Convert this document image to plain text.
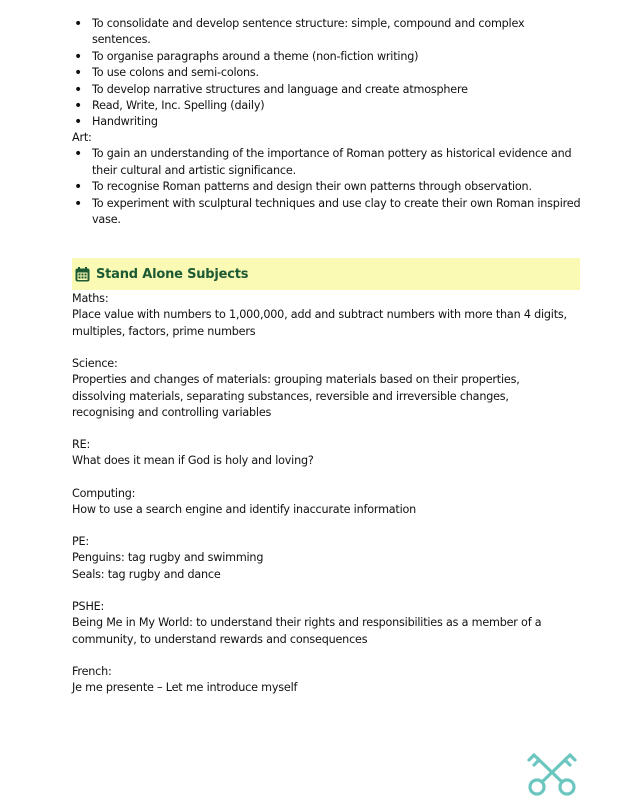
• To consolidate and develop sentence structure: simple, compound and complex sentences.
• To organise paragraphs around a theme (non-fiction writing)
• To use colons and semi-colons.
• To develop narrative structures and language and create atmosphere
• Read, Write, Inc. Spelling (daily)
• Handwriting
Art:
• To gain an understanding of the importance of Roman pottery as historical evidence and their cultural and artistic significance.
• To recognise Roman patterns and design their own patterns through observation.
• To experiment with sculptural techniques and use clay to create their own Roman inspired vase.
Stand Alone Subjects
Maths:
Place value with numbers to 1,000,000, add and subtract numbers with more than 4 digits, multiples, factors, prime numbers
Science:
Properties and changes of materials: grouping materials based on their properties, dissolving materials, separating substances, reversible and irreversible changes, recognising and controlling variables
RE:
What does it mean if God is holy and loving?
Computing:
How to use a search engine and identify inaccurate information
PE:
Penguins: tag rugby and swimming
Seals: tag rugby and dance
PSHE:
Being Me in My World: to understand their rights and responsibilities as a member of a community, to understand rewards and consequences
French:
Je me presente – Let me introduce myself
